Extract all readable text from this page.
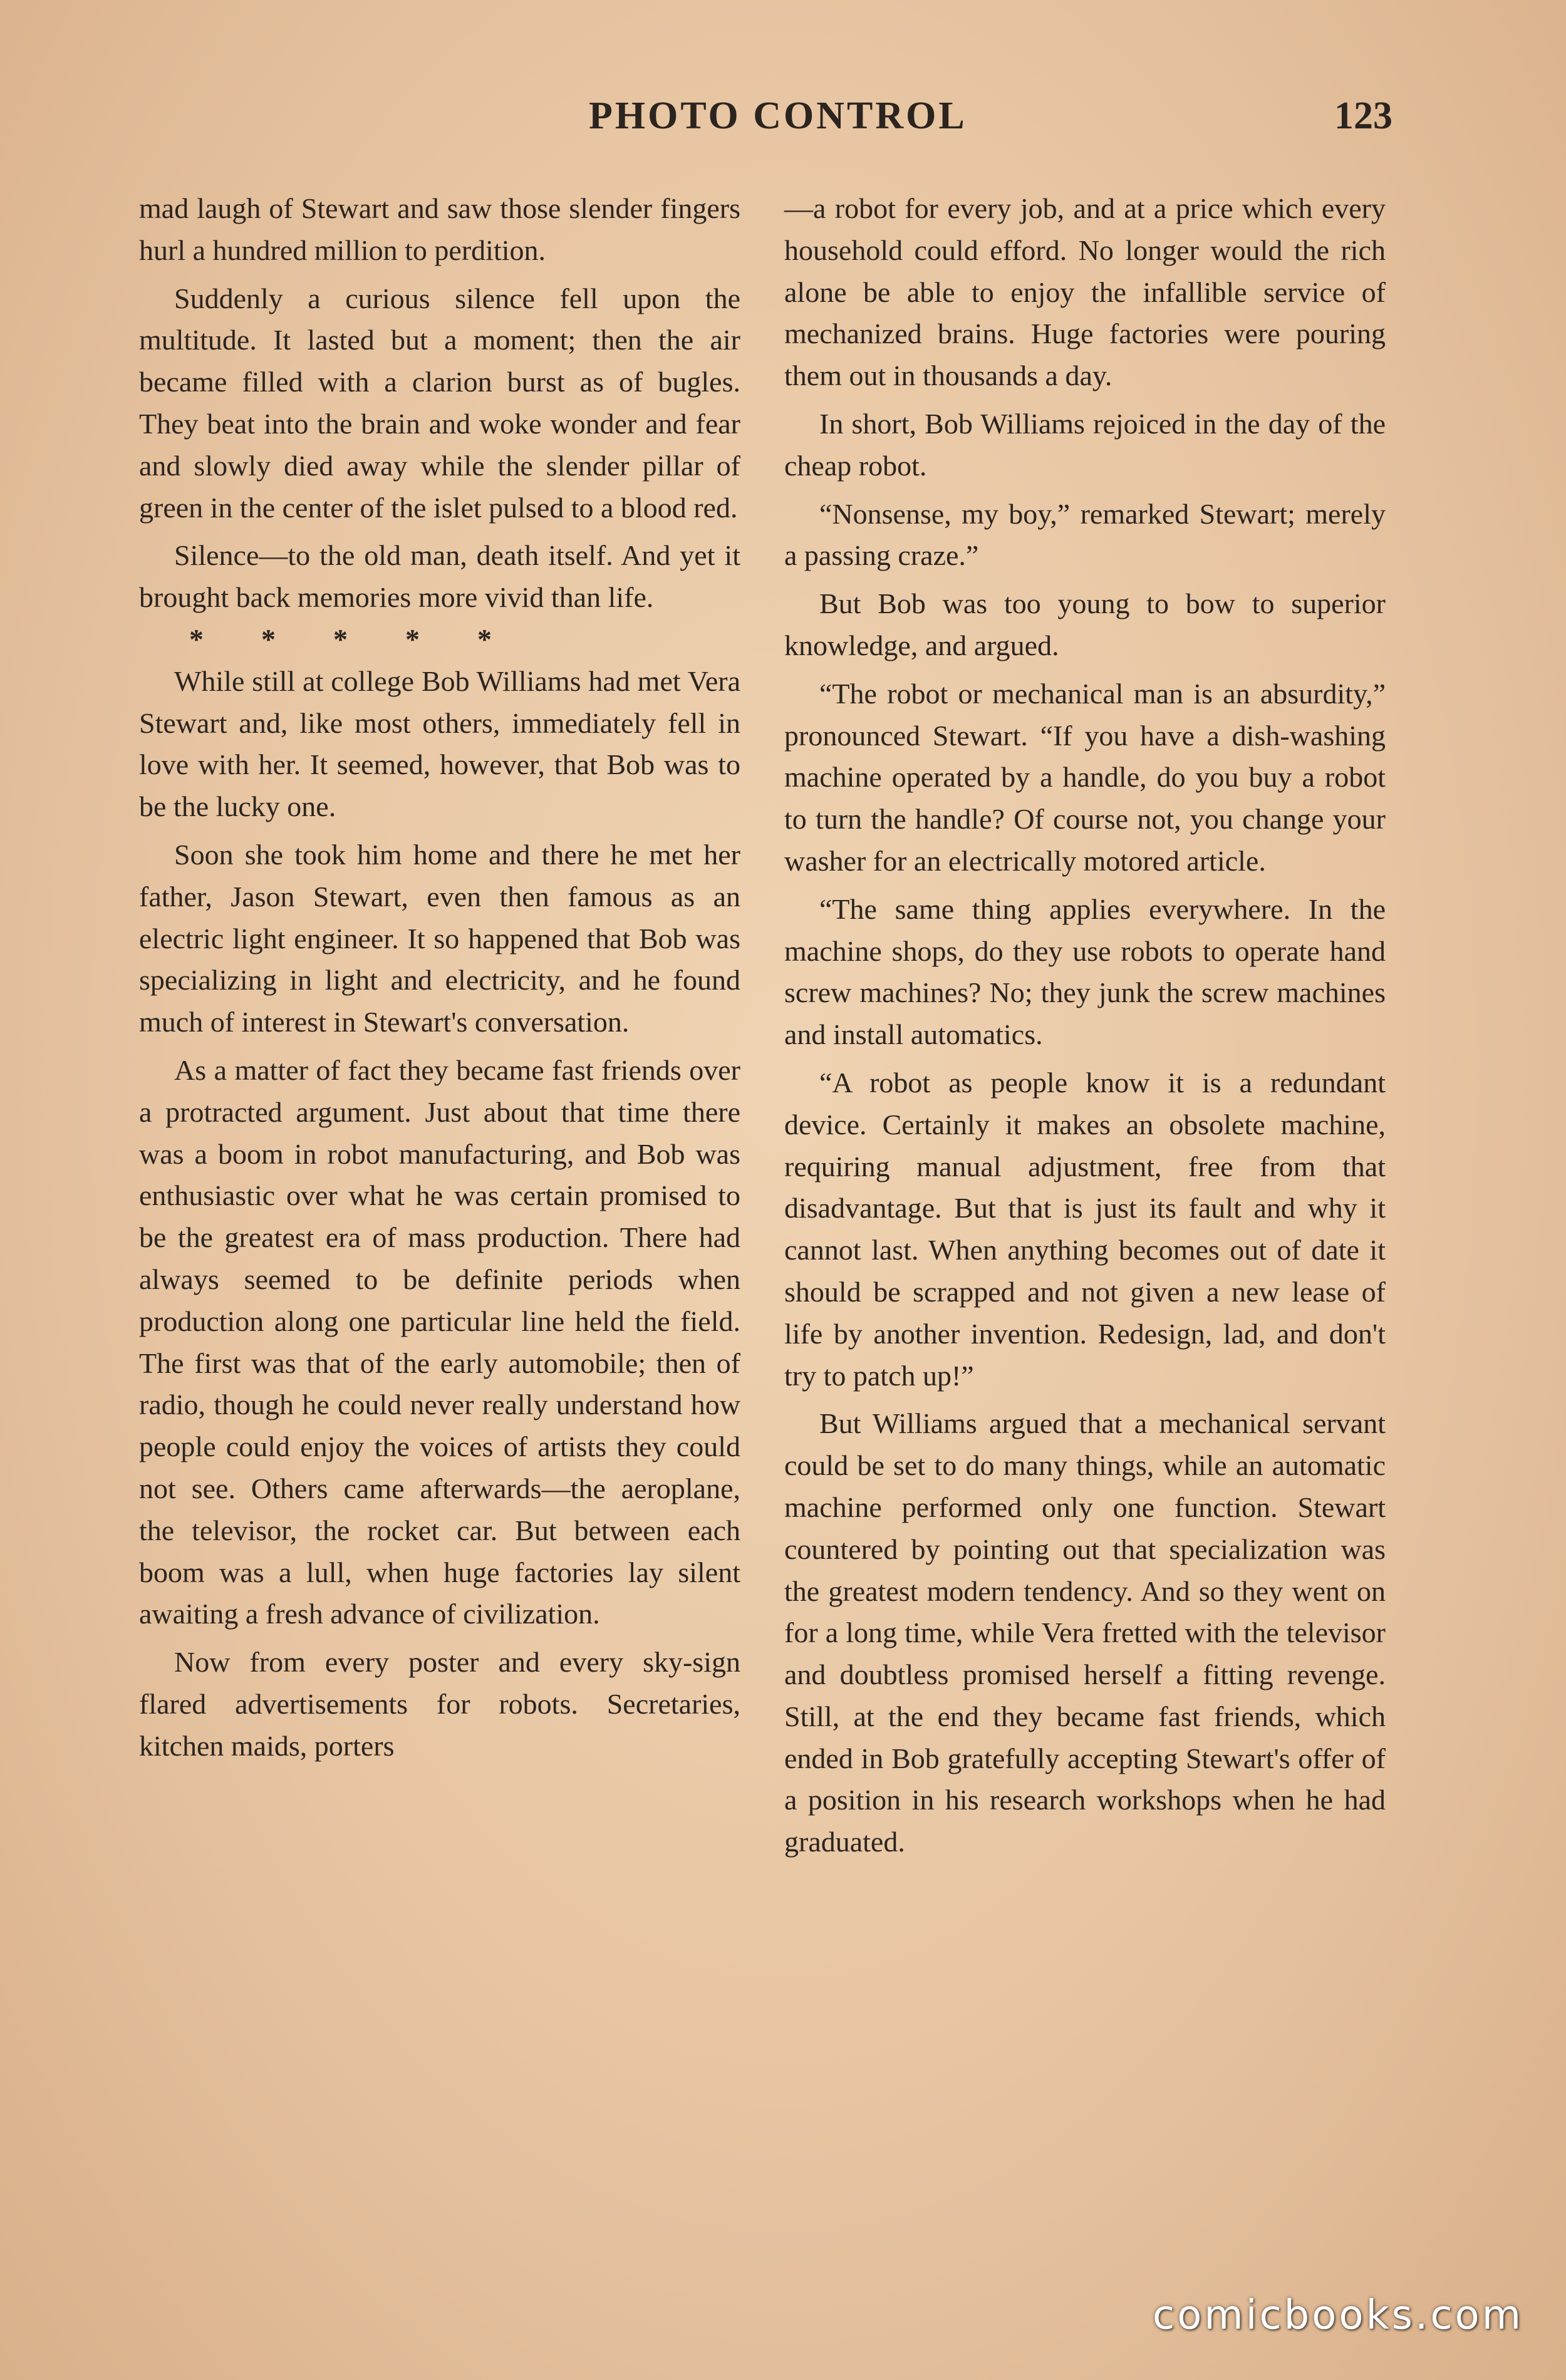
PHOTO CONTROL	123

mad laugh of Stewart and saw those slender fingers hurl a hundred million to perdition.

Suddenly a curious silence fell upon the multitude. It lasted but a moment; then the air became filled with a clarion burst as of bugles. They beat into the brain and woke wonder and fear and slowly died away while the slender pillar of green in the center of the islet pulsed to a blood red.

Silence—to the old man, death itself. And yet it brought back memories more vivid than life.

*        *        *        *        *

While still at college Bob Williams had met Vera Stewart and, like most others, immediately fell in love with her. It seemed, however, that Bob was to be the lucky one.

Soon she took him home and there he met her father, Jason Stewart, even then famous as an electric light engineer. It so happened that Bob was specializing in light and electricity, and he found much of interest in Stewart's conversation.

As a matter of fact they became fast friends over a protracted argument. Just about that time there was a boom in robot manufacturing, and Bob was enthusiastic over what he was certain promised to be the greatest era of mass production. There had always seemed to be definite periods when production along one particular line held the field. The first was that of the early automobile; then of radio, though he could never really understand how people could enjoy the voices of artists they could not see. Others came afterwards—the aeroplane, the televisor, the rocket car. But between each boom was a lull, when huge factories lay silent awaiting a fresh advance of civilization.

Now from every poster and every sky-sign flared advertisements for robots. Secretaries, kitchen maids, porters

—a robot for every job, and at a price which every household could efford. No longer would the rich alone be able to enjoy the infallible service of mechanized brains. Huge factories were pouring them out in thousands a day.

In short, Bob Williams rejoiced in the day of the cheap robot.

“Nonsense, my boy,” remarked Stewart; merely a passing craze.”

But Bob was too young to bow to superior knowledge, and argued.

“The robot or mechanical man is an absurdity,” pronounced Stewart. “If you have a dish-washing machine operated by a handle, do you buy a robot to turn the handle? Of course not, you change your washer for an electrically motored article.

“The same thing applies everywhere. In the machine shops, do they use robots to operate hand screw machines? No; they junk the screw machines and install automatics.

“A robot as people know it is a redundant device. Certainly it makes an obsolete machine, requiring manual adjustment, free from that disadvantage. But that is just its fault and why it cannot last. When anything becomes out of date it should be scrapped and not given a new lease of life by another invention. Redesign, lad, and don't try to patch up!”

But Williams argued that a mechanical servant could be set to do many things, while an automatic machine performed only one function. Stewart countered by pointing out that specialization was the greatest modern tendency. And so they went on for a long time, while Vera fretted with the televisor and doubtless promised herself a fitting revenge. Still, at the end they became fast friends, which ended in Bob gratefully accepting Stewart's offer of a position in his research workshops when he had graduated.

comicbooks.com
